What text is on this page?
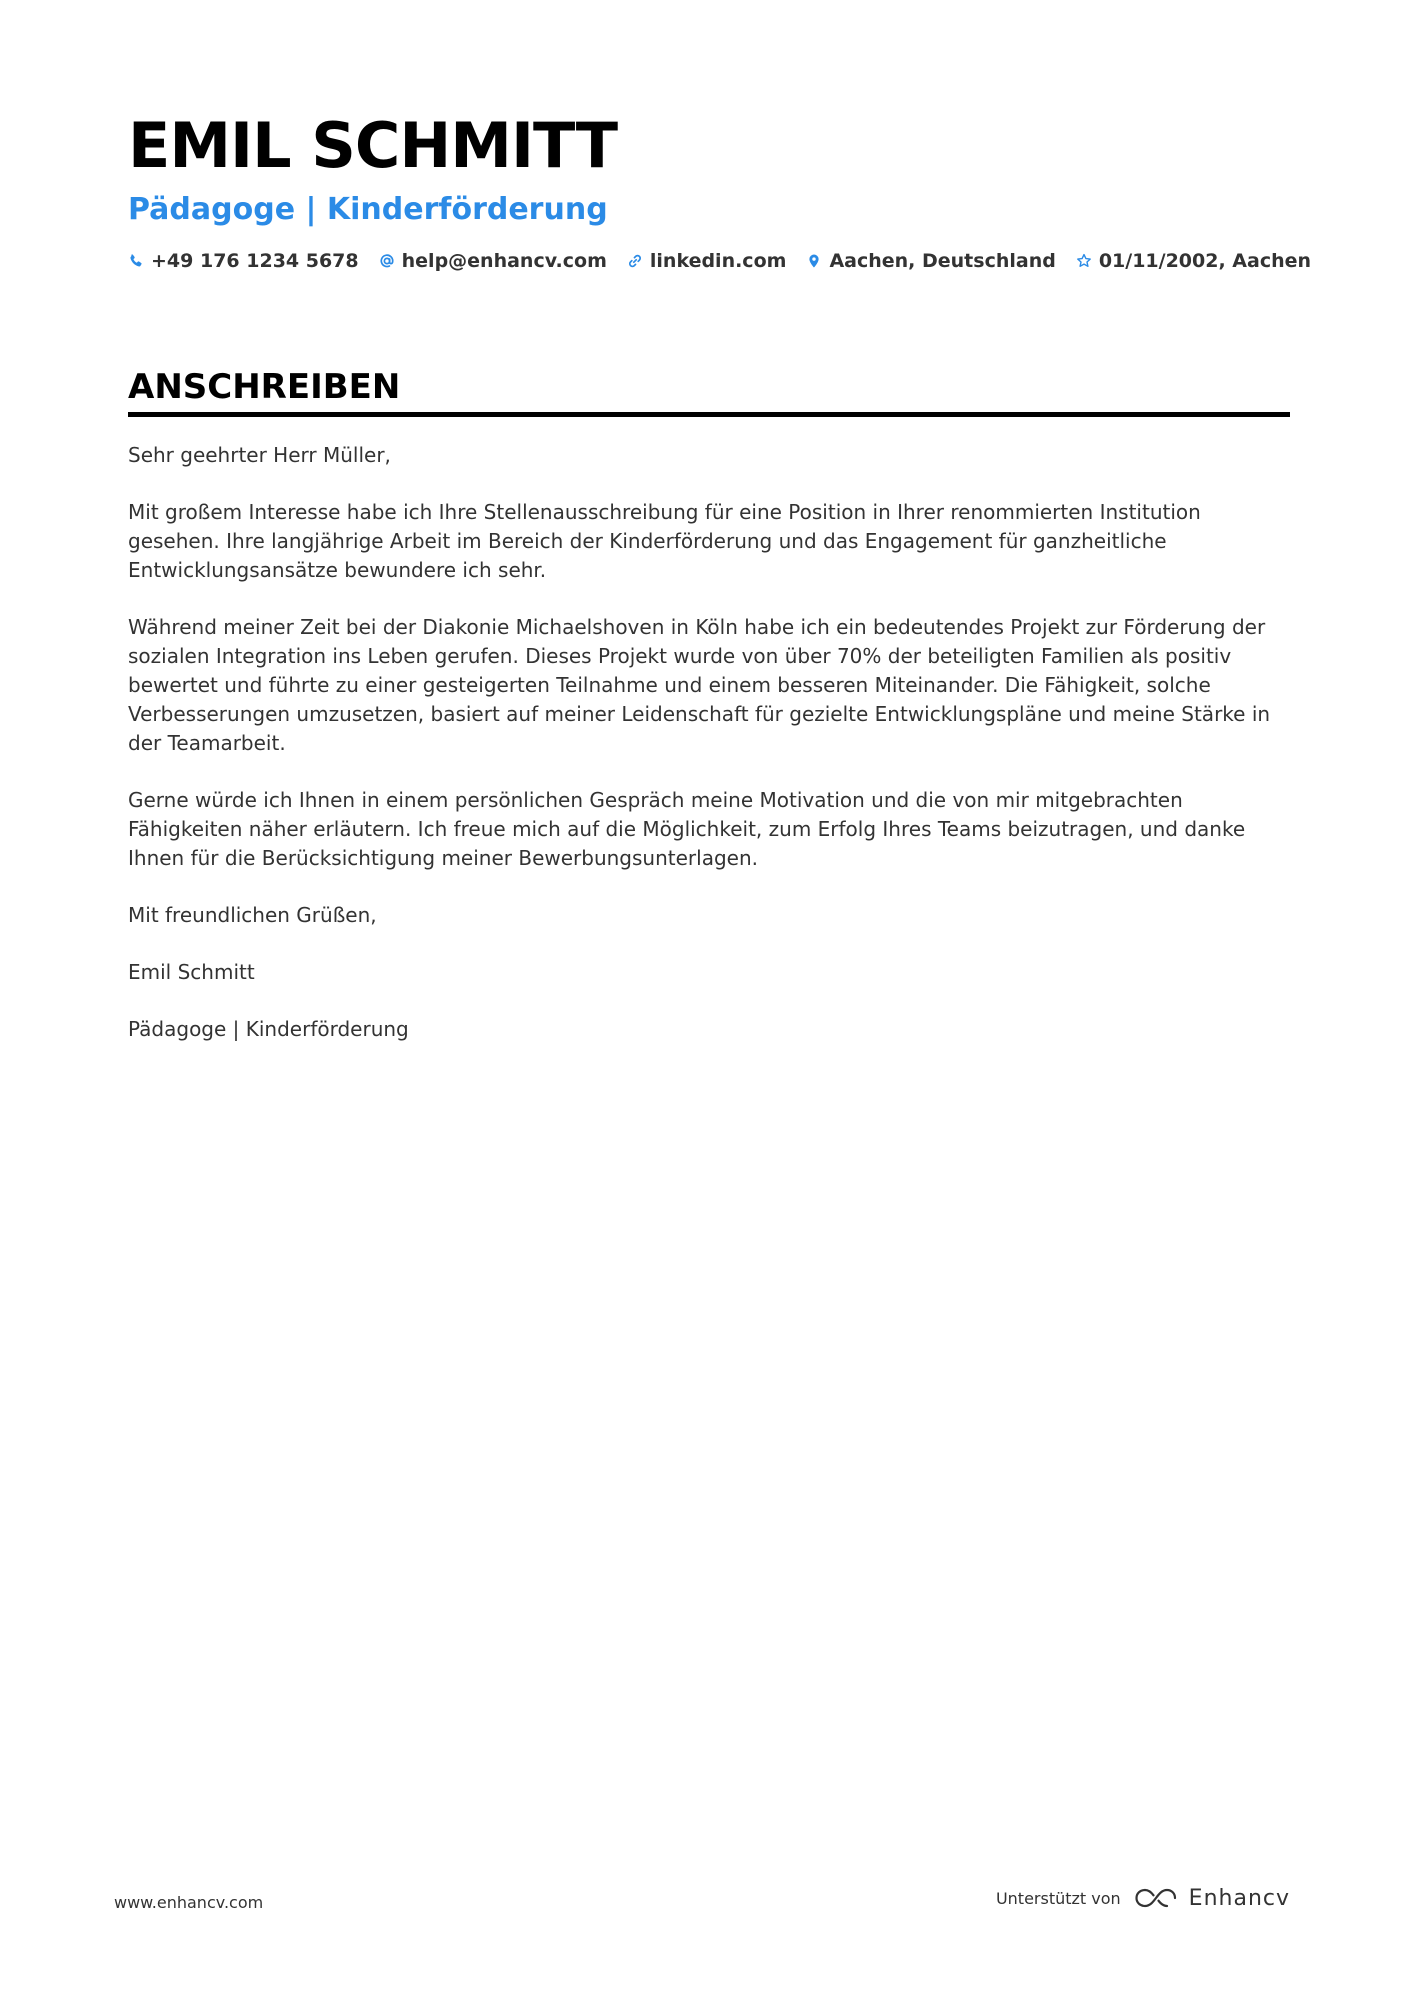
EMIL SCHMITT
Pädagoge | Kinderförderung
+49 176 1234 5678 help@enhancv.com linkedin.com Aachen, Deutschland 01/11/2002, Aachen
ANSCHREIBEN

Sehr geehrter Herr Müller,

Mit großem Interesse habe ich Ihre Stellenausschreibung für eine Position in Ihrer renommierten Institution gesehen. Ihre langjährige Arbeit im Bereich der Kinderförderung und das Engagement für ganzheitliche Entwicklungsansätze bewundere ich sehr.

Während meiner Zeit bei der Diakonie Michaelshoven in Köln habe ich ein bedeutendes Projekt zur Förderung der sozialen Integration ins Leben gerufen. Dieses Projekt wurde von über 70% der beteiligten Familien als positiv bewertet und führte zu einer gesteigerten Teilnahme und einem besseren Miteinander. Die Fähigkeit, solche Verbesserungen umzusetzen, basiert auf meiner Leidenschaft für gezielte Entwicklungspläne und meine Stärke in der Teamarbeit.

Gerne würde ich Ihnen in einem persönlichen Gespräch meine Motivation und die von mir mitgebrachten Fähigkeiten näher erläutern. Ich freue mich auf die Möglichkeit, zum Erfolg Ihres Teams beizutragen, und danke Ihnen für die Berücksichtigung meiner Bewerbungsunterlagen.

Mit freundlichen Grüßen,

Emil Schmitt

Pädagoge | Kinderförderung

www.enhancv.com	Unterstützt von	Enhancv
